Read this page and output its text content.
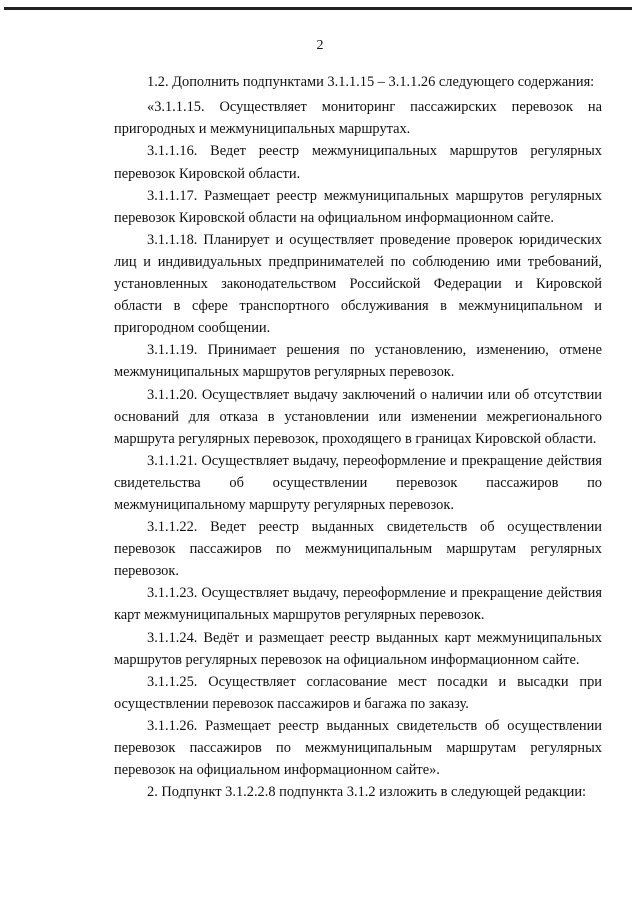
2

1.2. Дополнить подпунктами 3.1.1.15 – 3.1.1.26 следующего содержания:

«3.1.1.15. Осуществляет мониторинг пассажирских перевозок на пригородных и межмуниципальных маршрутах.

3.1.1.16. Ведет реестр межмуниципальных маршрутов регулярных перевозок Кировской области.

3.1.1.17. Размещает реестр межмуниципальных маршрутов регулярных перевозок Кировской области на официальном информационном сайте.

3.1.1.18. Планирует и осуществляет проведение проверок юридических лиц и индивидуальных предпринимателей по соблюдению ими требований, установленных законодательством Российской Федерации и Кировской области в сфере транспортного обслуживания в межмуниципальном и пригородном сообщении.

3.1.1.19. Принимает решения по установлению, изменению, отмене межмуниципальных маршрутов регулярных перевозок.

3.1.1.20. Осуществляет выдачу заключений о наличии или об отсутствии оснований для отказа в установлении или изменении межрегионального маршрута регулярных перевозок, проходящего в границах Кировской области.

3.1.1.21. Осуществляет выдачу, переоформление и прекращение действия свидетельства об осуществлении перевозок пассажиров по межмуниципальному маршруту регулярных перевозок.

3.1.1.22. Ведет реестр выданных свидетельств об осуществлении перевозок пассажиров по межмуниципальным маршрутам регулярных перевозок.

3.1.1.23. Осуществляет выдачу, переоформление и прекращение действия карт межмуниципальных маршрутов регулярных перевозок.

3.1.1.24. Ведёт и размещает реестр выданных карт межмуниципальных маршрутов регулярных перевозок на официальном информационном сайте.

3.1.1.25. Осуществляет согласование мест посадки и высадки при осуществлении перевозок пассажиров и багажа по заказу.

3.1.1.26. Размещает реестр выданных свидетельств об осуществлении перевозок пассажиров по межмуниципальным маршрутам регулярных перевозок на официальном информационном сайте».

2. Подпункт 3.1.2.2.8 подпункта 3.1.2 изложить в следующей редакции:
